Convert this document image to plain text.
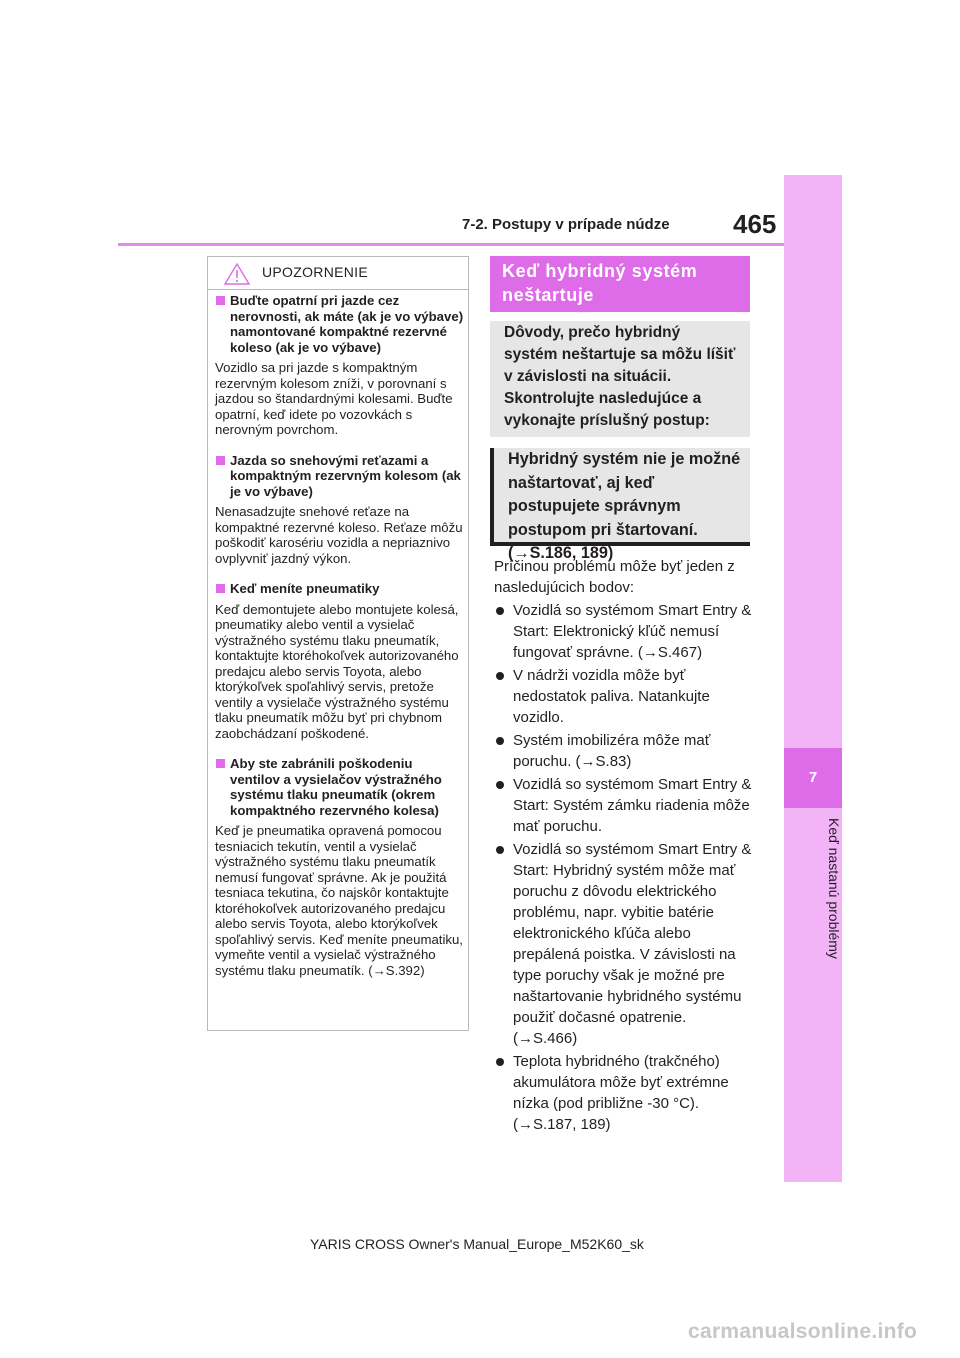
7-2. Postupy v prípade núdze 465
7
Keď nastanú problémy
UPOZORNENIE
Buďte opatrní pri jazde cez nerovnosti, ak máte (ak je vo výbave) namontované kompaktné rezervné koleso (ak je vo výbave)
Vozidlo sa pri jazde s kompaktným rezervným kolesom zníži, v porovnaní s jazdou so štandardnými kolesami. Buďte opatrní, keď idete po vozovkách s nerovným povrchom.
Jazda so snehovými reťazami a kompaktným rezervným kolesom (ak je vo výbave)
Nenasadzujte snehové reťaze na kompaktné rezervné koleso. Reťaze môžu poškodiť karosériu vozidla a nepriaznivo ovplyvniť jazdný výkon.
Keď meníte pneumatiky
Keď demontujete alebo montujete kolesá, pneumatiky alebo ventil a vysielač výstražného systému tlaku pneumatík, kontaktujte ktoréhokoľvek autorizovaného predajcu alebo servis Toyota, alebo ktorýkoľvek spoľahlivý servis, pretože ventily a vysielače výstražného systému tlaku pneumatík môžu byť pri chybnom zaobchádzaní poškodené.
Aby ste zabránili poškodeniu ventilov a vysielačov výstražného systému tlaku pneumatík (okrem kompaktného rezervného kolesa)
Keď je pneumatika opravená pomocou tesniacich tekutín, ventil a vysielač výstražného systému tlaku pneumatík nemusí fungovať správne. Ak je použitá tesniaca tekutina, čo najskôr kontaktujte ktoréhokoľvek autorizovaného predajcu alebo servis Toyota, alebo ktorýkoľvek spoľahlivý servis. Keď meníte pneumatiku, vymeňte ventil a vysielač výstražného systému tlaku pneumatík. (→S.392)
Keď hybridný systém
neštartuje
Dôvody, prečo hybridný systém neštartuje sa môžu líšiť v závislosti na situácii. Skontrolujte nasledujúce a vykonajte príslušný postup:
Hybridný systém nie je možné naštartovať, aj keď postupujete správnym postupom pri štartovaní. (→S.186, 189)

Príčinou problému môže byť jeden z nasledujúcich bodov:

Vozidlá so systémom Smart Entry & Start: Elektronický kľúč nemusí fungovať správne. (→S.467)
V nádrži vozidla môže byť nedostatok paliva. Natankujte vozidlo.
Systém imobilizéra môže mať poruchu. (→S.83)
Vozidlá so systémom Smart Entry & Start: Systém zámku riadenia môže mať poruchu.
Vozidlá so systémom Smart Entry & Start: Hybridný systém môže mať poruchu z dôvodu elektrického problému, napr. vybitie batérie elektronického kľúča alebo prepálená poistka. V závislosti na type poruchy však je možné pre naštartovanie hybridného systému použiť dočasné opatrenie. (→S.466)
Teplota hybridného (trakčného) akumulátora môže byť extrémne nízka (pod približne -30 °C). (→S.187, 189)
YARIS CROSS Owner's Manual_Europe_M52K60_sk
carmanualsonline.info
